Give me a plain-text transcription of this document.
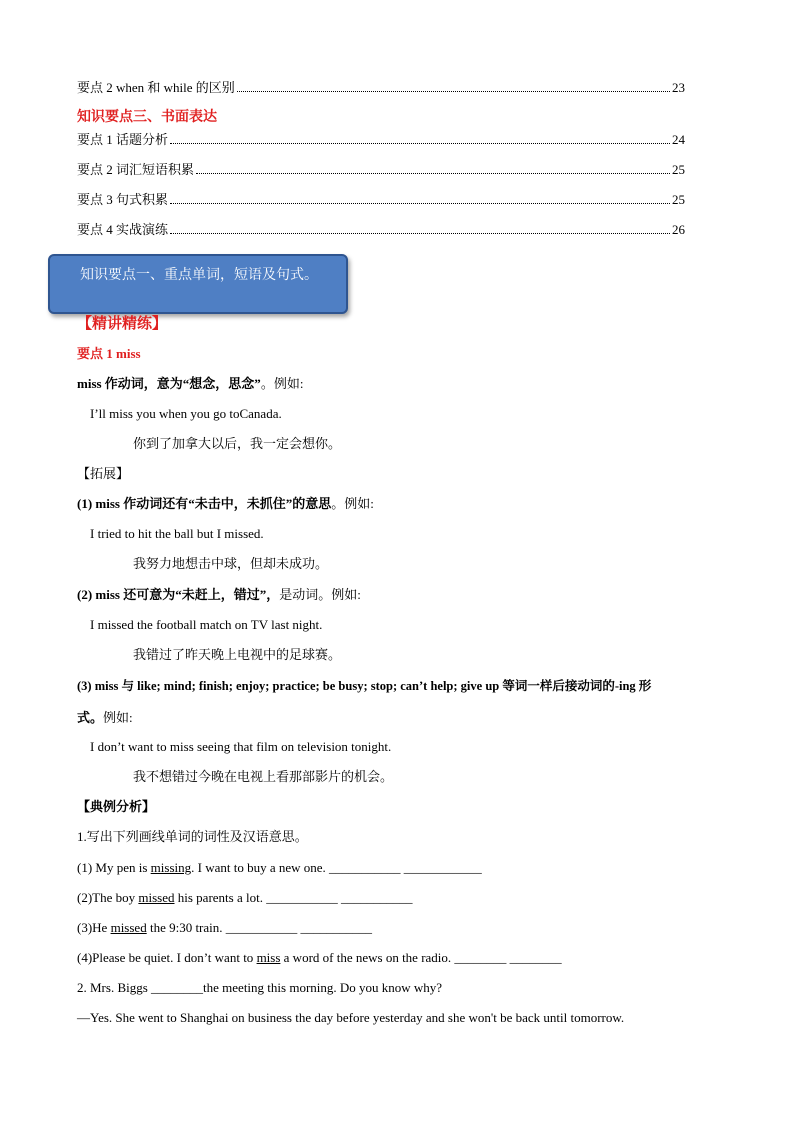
要点 2 when 和 while 的区别	23
知识要点三、书面表达
要点 1 话题分析	24
要点 2 词汇短语积累	25
要点 3 句式积累	25
要点 4 实战演练	26
知识要点一、重点单词，短语及句式。
【精讲精练】
要点 1 miss
miss 作动词，意为“想念，思念”。例如:
I’ll miss you when you go toCanada.
你到了加拿大以后，我一定会想你。
【拓展】
(1) miss 作动词还有“未击中，未抓住”的意思。例如:
I tried to hit the ball but I missed.
我努力地想击中球，但却未成功。
(2) miss 还可意为“未赶上，错过”，是动词。例如:
I missed the football match on TV last night.
我错过了昨天晚上电视中的足球赛。
(3) miss 与 like; mind; finish; enjoy; practice; be busy; stop; can’t help; give up 等词一样后接动词的-ing 形
式。例如:
I don’t want to miss seeing that film on television tonight.
我不想错过今晚在电视上看那部影片的机会。
【典例分析】
1.写出下列画线单词的词性及汉语意思。
(1) My pen is missing. I want to buy a new one. ___________ ____________
(2)The boy missed his parents a lot. ___________ ___________
(3)He missed the 9:30 train. ___________ ___________
(4)Please be quiet. I don’t want to miss a word of the news on the radio. ________ ________
2. Mrs. Biggs ________the meeting this morning. Do you know why?
—Yes. She went to Shanghai on business the day before yesterday and she won't be back until tomorrow.
